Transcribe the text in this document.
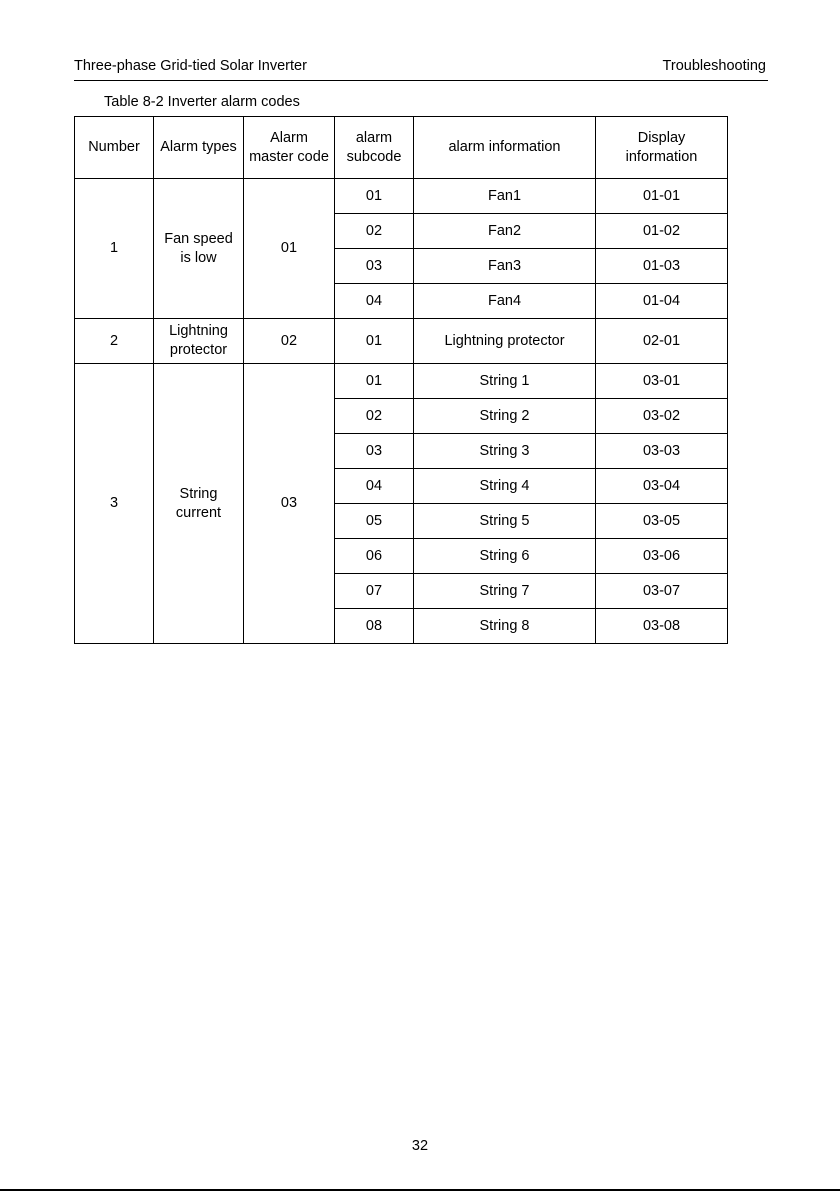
Three-phase Grid-tied Solar Inverter	Troubleshooting
Table 8-2 Inverter alarm codes
Number	Alarm types	Alarm master code	alarm subcode	alarm information	Display information
1	Fan speed is low	01	01	Fan1	01-01
			02	Fan2	01-02
			03	Fan3	01-03
			04	Fan4	01-04
2	Lightning protector	02	01	Lightning protector	02-01
3	String current	03	01	String 1	03-01
			02	String 2	03-02
			03	String 3	03-03
			04	String 4	03-04
			05	String 5	03-05
			06	String 6	03-06
			07	String 7	03-07
			08	String 8	03-08
32
